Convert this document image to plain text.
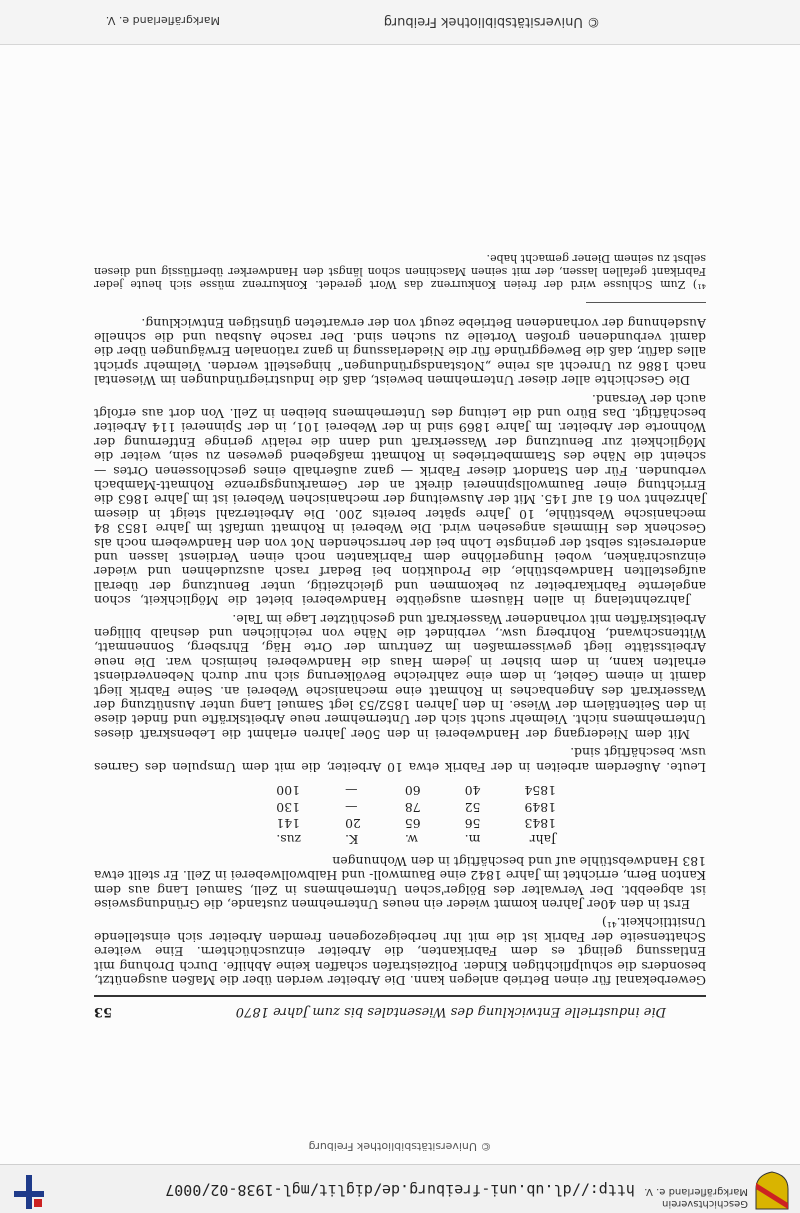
Geschichtsverein
Markgräflerland e. V.
http://dl.ub.uni-freiburg.de/diglit/mgl-1938-02/0007
© Universitätsbibliothek Freiburg
Die industrielle Entwicklung des Wiesentales bis zum Jahre 1870
53

Gewerbekanal für einen Betrieb anlegen kann. Die Arbeiter werden über die Maßen ausgenützt, besonders die schulpflichtigen Kinder. Polizeistrafen schaffen keine Abhilfe. Durch Drohung mit Entlassung gelingt es dem Fabrikanten, die Arbeiter einzuschüchtern. Eine weitere Schattenseite der Fabrik ist die mit ihr herbeigezogenen fremden Arbeiter sich einstellende Unsittlichkeit.⁴¹)

Erst in den 40er Jahren kommt wieder ein neues Unternehmen zustande, die Gründungsweise ist abgeebbt. Der Verwalter des Bölger'schen Unternehmens in Zell, Samuel Lang aus dem Kanton Bern, errichtet im Jahre 1842 eine Baumwoll- und Halbwollweberei in Zell. Er stellt etwa 183 Handwebstühle auf und beschäftigt in den Wohnungen

Jahr	m.	w.	K.	zus.
1843	56	65	20	141
1849	52	78	—	130
1854	40	60	—	100

Leute. Außerdem arbeiten in der Fabrik etwa 10 Arbeiter, die mit dem Umspulen des Garnes usw. beschäftigt sind.

Mit dem Niedergang der Handweberei in den 50er Jahren erlahmt die Lebenskraft dieses Unternehmens nicht. Vielmehr sucht sich der Unternehmer neue Arbeitskräfte und findet diese in den Seitentälern der Wiese. In den Jahren 1852/53 legt Samuel Lang unter Ausnützung der Wasserkraft des Angenbaches in Rohmatt eine mechanische Weberei an. Seine Fabrik liegt damit in einem Gebiet, in dem eine zahlreiche Bevölkerung sich nur durch Nebenverdienst erhalten kann, in dem bisher in jedem Haus die Handweberei heimisch war. Die neue Arbeitsstätte liegt gewissermaßen im Zentrum der Orte Häg, Ehrsberg, Sonnenmatt, Wittenschwand, Rohrberg usw., verbindet die Nähe von reichlichen und deshalb billigen Arbeitskräften mit vorhandener Wasserkraft und geschützter Lage im Tale.

Jahrzehntelang in allen Häusern ausgeübte Handweberei bietet die Möglichkeit, schon angelernte Fabrikarbeiter zu bekommen und gleichzeitig, unter Benutzung der überall aufgestellten Handwebstühle, die Produktion bei Bedarf rasch auszudehnen und wieder einzuschränken, wobei Hungerlöhne dem Fabrikanten noch einen Verdienst lassen und andererseits selbst der geringste Lohn bei der herrschenden Not von den Handwebern noch als Geschenk des Himmels angesehen wird. Die Weberei in Rohmatt umfaßt im Jahre 1853 84 mechanische Webstühle, 10 Jahre später bereits 200. Die Arbeiterzahl steigt in diesem Jahrzehnt von 61 auf 145. Mit der Ausweitung der mechanischen Weberei ist im Jahre 1863 die Errichtung einer Baumwollspinnerei direkt an der Gemarkungsgrenze Rohmatt-Mambach verbunden. Für den Standort dieser Fabrik — ganz außerhalb eines geschlossenen Ortes — scheint die Nähe des Stammbetriebes in Rohmatt maßgebend gewesen zu sein, weiter die Möglichkeit zur Benutzung der Wasserkraft und dann die relativ geringe Entfernung der Wohnorte der Arbeiter. Im Jahre 1869 sind in der Weberei 101, in der Spinnerei 114 Arbeiter beschäftigt. Das Büro und die Leitung des Unternehmens bleiben in Zell. Von dort aus erfolgt auch der Versand.

Die Geschichte aller dieser Unternehmen beweist, daß die Industriegründungen im Wiesental nach 1886 zu Unrecht als reine „Notstandsgründungen“ hingestellt werden. Vielmehr spricht alles dafür, daß die Beweggründe für die Niederlassung in ganz rationalen Erwägungen über die damit verbundenen großen Vorteile zu suchen sind. Der rasche Ausbau und die schnelle Ausdehnung der vorhandenen Betriebe zeugt von der erwarteten günstigen Entwicklung.

⁴¹) Zum Schlusse wird der freien Konkurrenz das Wort geredet. Konkurrenz müsse sich heute jeder Fabrikant gefallen lassen, der mit seinen Maschinen schon längst den Handwerker überflüssig und diesen selbst zu seinem Diener gemacht habe.

© Universitätsbibliothek Freiburg
Markgräflerland e. V.
